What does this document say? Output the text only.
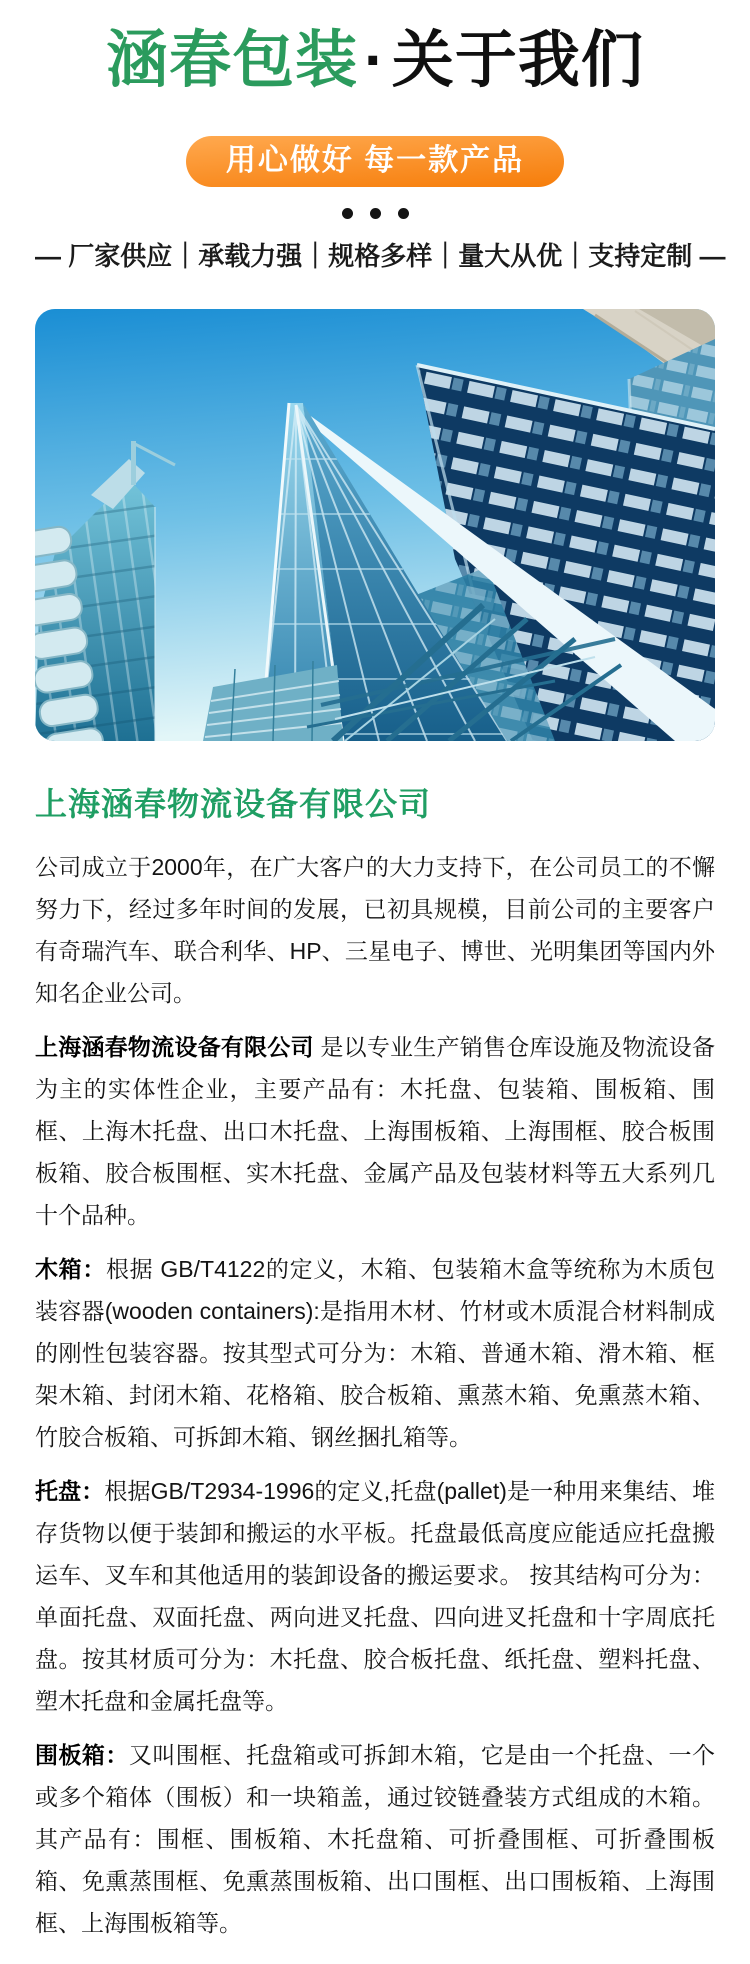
涵春包装·关于我们
用心做好 每一款产品
— 厂家供应｜承载力强｜规格多样｜量大从优｜支持定制 —
上海涵春物流设备有限公司

公司成立于2000年，在广大客户的大力支持下，在公司员工的不懈努力下，经过多年时间的发展，已初具规模，目前公司的主要客户有奇瑞汽车、联合利华、HP、三星电子、博世、光明集团等国内外知名企业公司。

上海涵春物流设备有限公司 是以专业生产销售仓库设施及物流设备为主的实体性企业，主要产品有：木托盘、包装箱、围板箱、围框、上海木托盘、出口木托盘、上海围板箱、上海围框、胶合板围板箱、胶合板围框、实木托盘、金属产品及包装材料等五大系列几十个品种。

木箱：根据 GB/T4122的定义，木箱、包装箱木盒等统称为木质包装容器(wooden containers):是指用木材、竹材或木质混合材料制成的刚性包装容器。按其型式可分为：木箱、普通木箱、滑木箱、框架木箱、封闭木箱、花格箱、胶合板箱、熏蒸木箱、免熏蒸木箱、竹胶合板箱、可拆卸木箱、钢丝捆扎箱等。

托盘：根据GB/T2934-1996的定义,托盘(pallet)是一种用来集结、堆存货物以便于装卸和搬运的水平板。托盘最低高度应能适应托盘搬运车、叉车和其他适用的装卸设备的搬运要求。 按其结构可分为：单面托盘、双面托盘、两向进叉托盘、四向进叉托盘和十字周底托盘。按其材质可分为：木托盘、胶合板托盘、纸托盘、塑料托盘、塑木托盘和金属托盘等。

围板箱：又叫围框、托盘箱或可拆卸木箱，它是由一个托盘、一个或多个箱体（围板）和一块箱盖，通过铰链叠装方式组成的木箱。其产品有：围框、围板箱、木托盘箱、可折叠围框、可折叠围板箱、免熏蒸围框、免熏蒸围板箱、出口围框、出口围板箱、上海围框、上海围板箱等。
